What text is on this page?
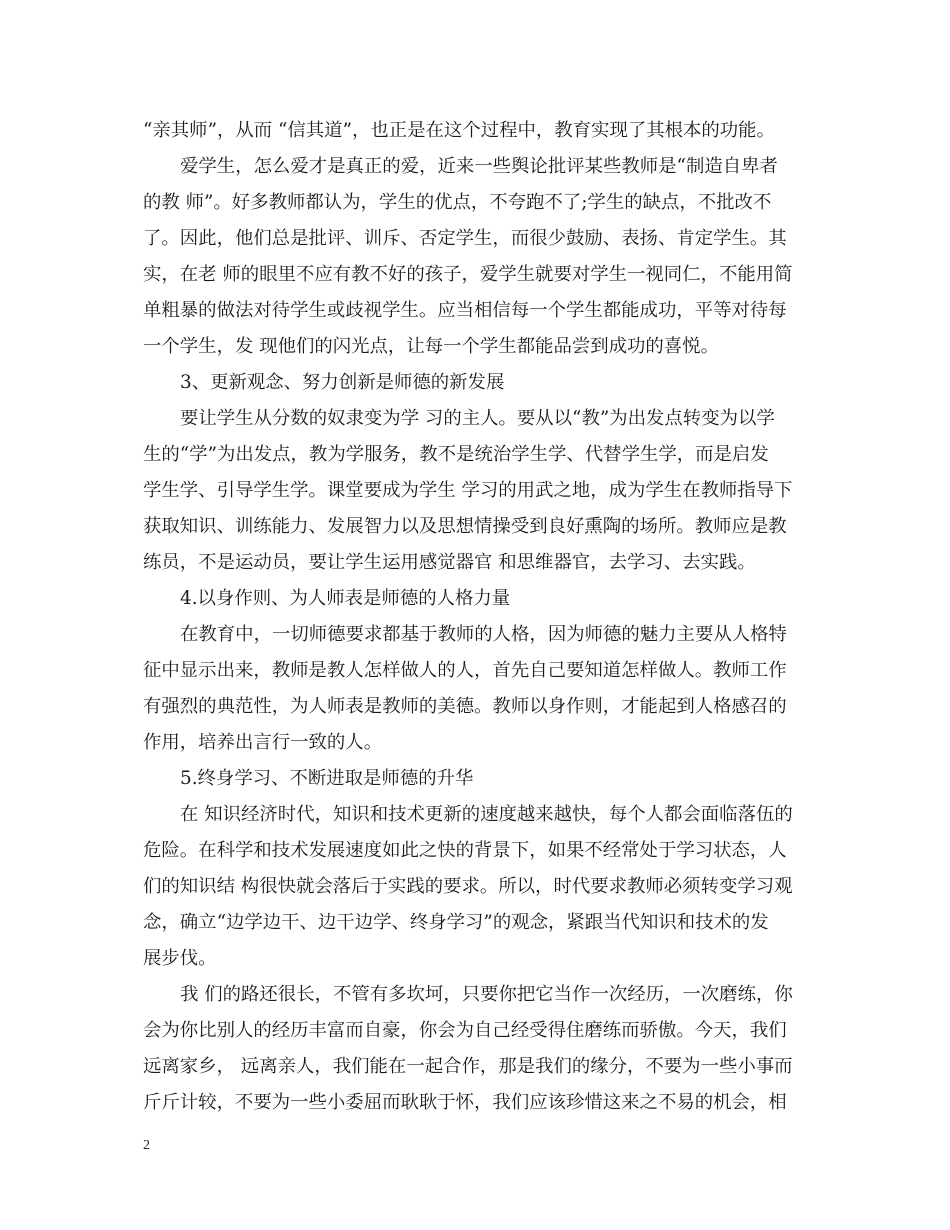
“亲其师”，从而 “信其道”，也正是在这个过程中，教育实现了其根本的功能。
爱学生，怎么爱才是真正的爱，近来一些舆论批评某些教师是“制造自卑者
的教 师”。好多教师都认为，学生的优点，不夸跑不了;学生的缺点，不批改不
了。因此，他们总是批评、训斥、否定学生，而很少鼓励、表扬、肯定学生。其
实，在老 师的眼里不应有教不好的孩子，爱学生就要对学生一视同仁，不能用简
单粗暴的做法对待学生或歧视学生。应当相信每一个学生都能成功，平等对待每
一个学生，发 现他们的闪光点，让每一个学生都能品尝到成功的喜悦。
3、更新观念、努力创新是师德的新发展
要让学生从分数的奴隶变为学 习的主人。要从以“教”为出发点转变为以学
生的“学”为出发点，教为学服务，教不是统治学生学、代替学生学，而是启发
学生学、引导学生学。课堂要成为学生 学习的用武之地，成为学生在教师指导下
获取知识、训练能力、发展智力以及思想情操受到良好熏陶的场所。教师应是教
练员，不是运动员，要让学生运用感觉器官 和思维器官，去学习、去实践。
4.以身作则、为人师表是师德的人格力量
在教育中，一切师德要求都基于教师的人格，因为师德的魅力主要从人格特
征中显示出来，教师是教人怎样做人的人，首先自己要知道怎样做人。教师工作
有强烈的典范性，为人师表是教师的美德。教师以身作则，才能起到人格感召的
作用，培养出言行一致的人。
5.终身学习、不断进取是师德的升华
在 知识经济时代，知识和技术更新的速度越来越快，每个人都会面临落伍的
危险。在科学和技术发展速度如此之快的背景下，如果不经常处于学习状态，人
们的知识结 构很快就会落后于实践的要求。所以，时代要求教师必须转变学习观
念，确立“边学边干、边干边学、终身学习”的观念，紧跟当代知识和技术的发
展步伐。
我 们的路还很长，不管有多坎坷，只要你把它当作一次经历，一次磨练，你
会为你比别人的经历丰富而自豪，你会为自己经受得住磨练而骄傲。今天，我们
远离家乡， 远离亲人，我们能在一起合作，那是我们的缘分，不要为一些小事而
斤斤计较，不要为一些小委屈而耿耿于怀，我们应该珍惜这来之不易的机会，相
2
